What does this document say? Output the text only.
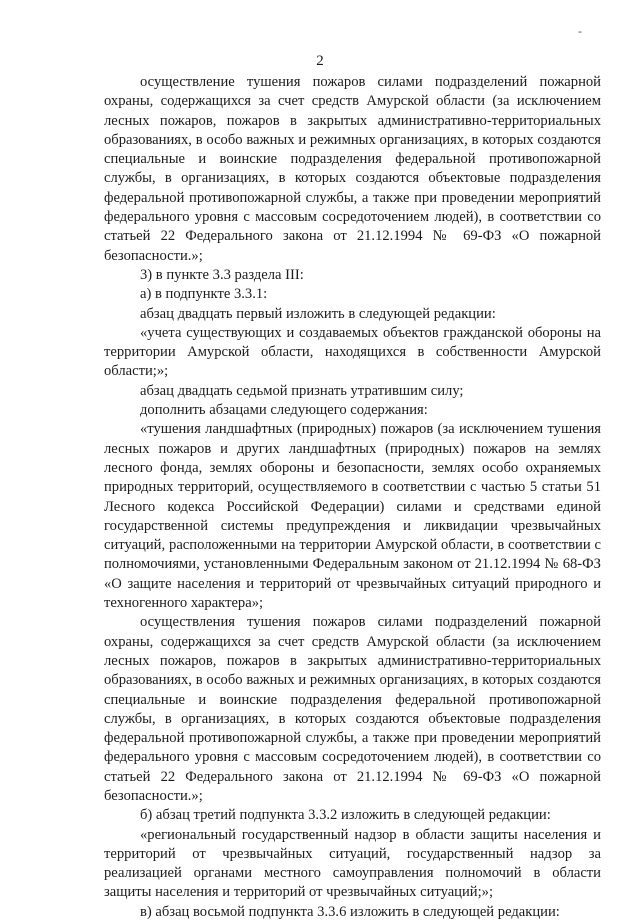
-
2

осуществление тушения пожаров силами подразделений пожарной охраны, содержащихся за счет средств Амурской области (за исключением лесных пожаров, пожаров в закрытых административно-территориальных образованиях, в особо важных и режимных организациях, в которых создаются специальные и воинские подразделения федеральной противопожарной службы, в организациях, в которых создаются объектовые подразделения федеральной противопожарной службы, а также при проведении мероприятий федерального уровня с массовым сосредоточением людей), в соответствии со статьей 22 Федерального закона от 21.12.1994 № 69-ФЗ «О пожарной безопасности.»;

3) в пункте 3.3 раздела III:

а) в подпункте 3.3.1:

абзац двадцать первый изложить в следующей редакции:

«учета существующих и создаваемых объектов гражданской обороны на территории Амурской области, находящихся в собственности Амурской области;»;

абзац двадцать седьмой признать утратившим силу;

дополнить абзацами следующего содержания:

«тушения ландшафтных (природных) пожаров (за исключением тушения лесных пожаров и других ландшафтных (природных) пожаров на землях лесного фонда, землях обороны и безопасности, землях особо охраняемых природных территорий, осуществляемого в соответствии с частью 5 статьи 51 Лесного кодекса Российской Федерации) силами и средствами единой государственной системы предупреждения и ликвидации чрезвычайных ситуаций, расположенными на территории Амурской области, в соответствии с полномочиями, установленными Федеральным законом от 21.12.1994 № 68-ФЗ «О защите населения и территорий от чрезвычайных ситуаций природного и техногенного характера»;

осуществления тушения пожаров силами подразделений пожарной охраны, содержащихся за счет средств Амурской области (за исключением лесных пожаров, пожаров в закрытых административно-территориальных образованиях, в особо важных и режимных организациях, в которых создаются специальные и воинские подразделения федеральной противопожарной службы, в организациях, в которых создаются объектовые подразделения федеральной противопожарной службы, а также при проведении мероприятий федерального уровня с массовым сосредоточением людей), в соответствии со статьей 22 Федерального закона от 21.12.1994 № 69-ФЗ «О пожарной безопасности.»;

б) абзац третий подпункта 3.3.2 изложить в следующей редакции:

«региональный государственный надзор в области защиты населения и территорий от чрезвычайных ситуаций, государственный надзор за реализацией органами местного самоуправления полномочий в области защиты населения и территорий от чрезвычайных ситуаций;»;

в) абзац восьмой подпункта 3.3.6 изложить в следующей редакции:
